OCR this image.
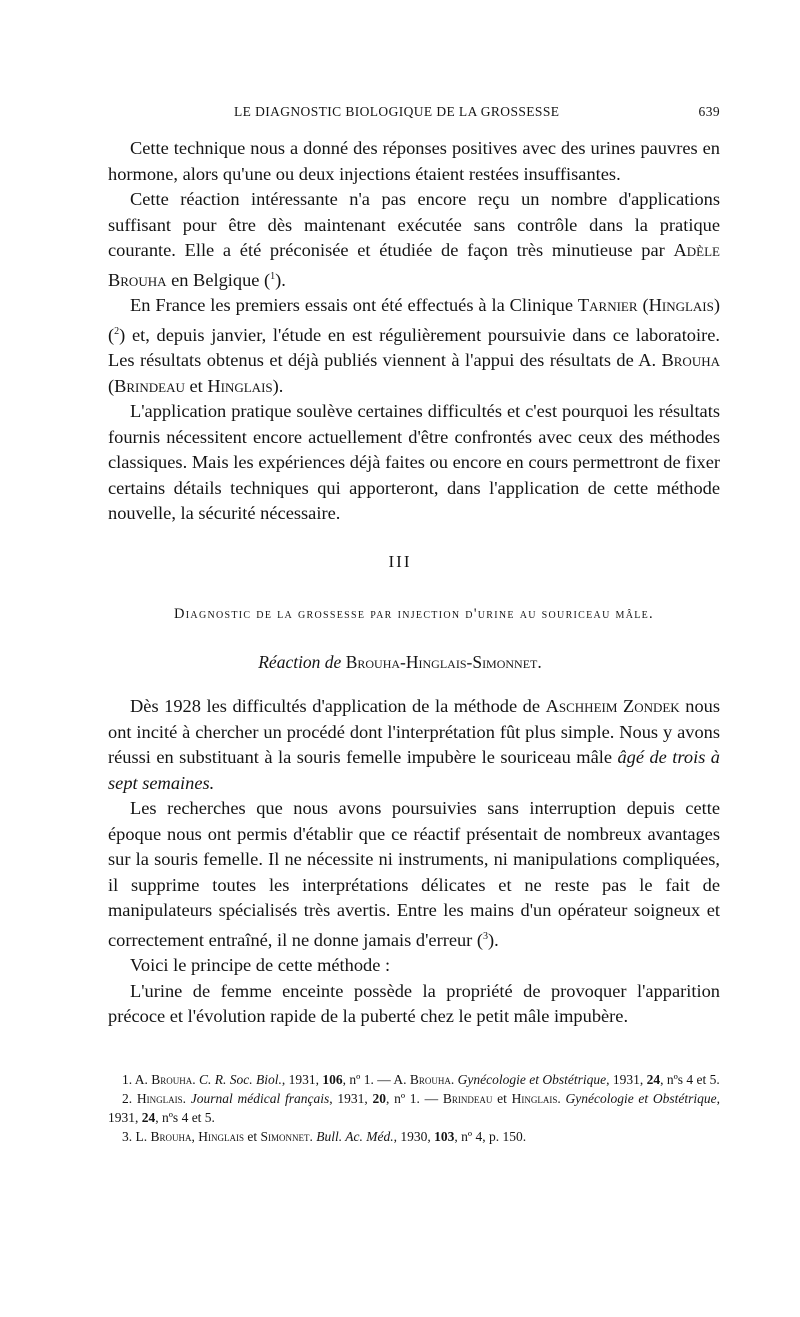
LE DIAGNOSTIC BIOLOGIQUE DE LA GROSSESSE	639

Cette technique nous a donné des réponses positives avec des urines pauvres en hormone, alors qu'une ou deux injections étaient restées insuffisantes.

Cette réaction intéressante n'a pas encore reçu un nombre d'applications suffisant pour être dès maintenant exécutée sans contrôle dans la pratique courante. Elle a été préconisée et étudiée de façon très minutieuse par Adèle Brouha en Belgique ($^1$).

En France les premiers essais ont été effectués à la Clinique Tarnier (Hinglais) ($^2$) et, depuis janvier, l'étude en est régulièrement poursuivie dans ce laboratoire. Les résultats obtenus et déjà publiés viennent à l'appui des résultats de A. Brouha (Brindeau et Hinglais).

L'application pratique soulève certaines difficultés et c'est pourquoi les résultats fournis nécessitent encore actuellement d'être confrontés avec ceux des méthodes classiques. Mais les expériences déjà faites ou encore en cours permettront de fixer certains détails techniques qui apporteront, dans l'application de cette méthode nouvelle, la sécurité nécessaire.

III
Diagnostic de la grossesse par injection d'urine au souriceau mâle.
Réaction de Brouha-Hinglais-Simonnet.

Dès 1928 les difficultés d'application de la méthode de Aschheim Zondek nous ont incité à chercher un procédé dont l'interprétation fût plus simple. Nous y avons réussi en substituant à la souris femelle impubère le souriceau mâle âgé de trois à sept semaines.

Les recherches que nous avons poursuivies sans interruption depuis cette époque nous ont permis d'établir que ce réactif présentait de nombreux avantages sur la souris femelle. Il ne nécessite ni instruments, ni manipulations compliquées, il supprime toutes les interprétations délicates et ne reste pas le fait de manipulateurs spécialisés très avertis. Entre les mains d'un opérateur soigneux et correctement entraîné, il ne donne jamais d'erreur ($^3$).

Voici le principe de cette méthode :

L'urine de femme enceinte possède la propriété de provoquer l'apparition précoce et l'évolution rapide de la puberté chez le petit mâle impubère.

1. A. Brouha. C. R. Soc. Biol., 1931, 106, nº 1. — A. Brouha. Gynécologie et Obstétrique, 1931, 24, nºs 4 et 5.

2. Hinglais. Journal médical français, 1931, 20, nº 1. — Brindeau et Hinglais. Gynécologie et Obstétrique, 1931, 24, nºs 4 et 5.

3. L. Brouha, Hinglais et Simonnet. Bull. Ac. Méd., 1930, 103, nº 4, p. 150.
